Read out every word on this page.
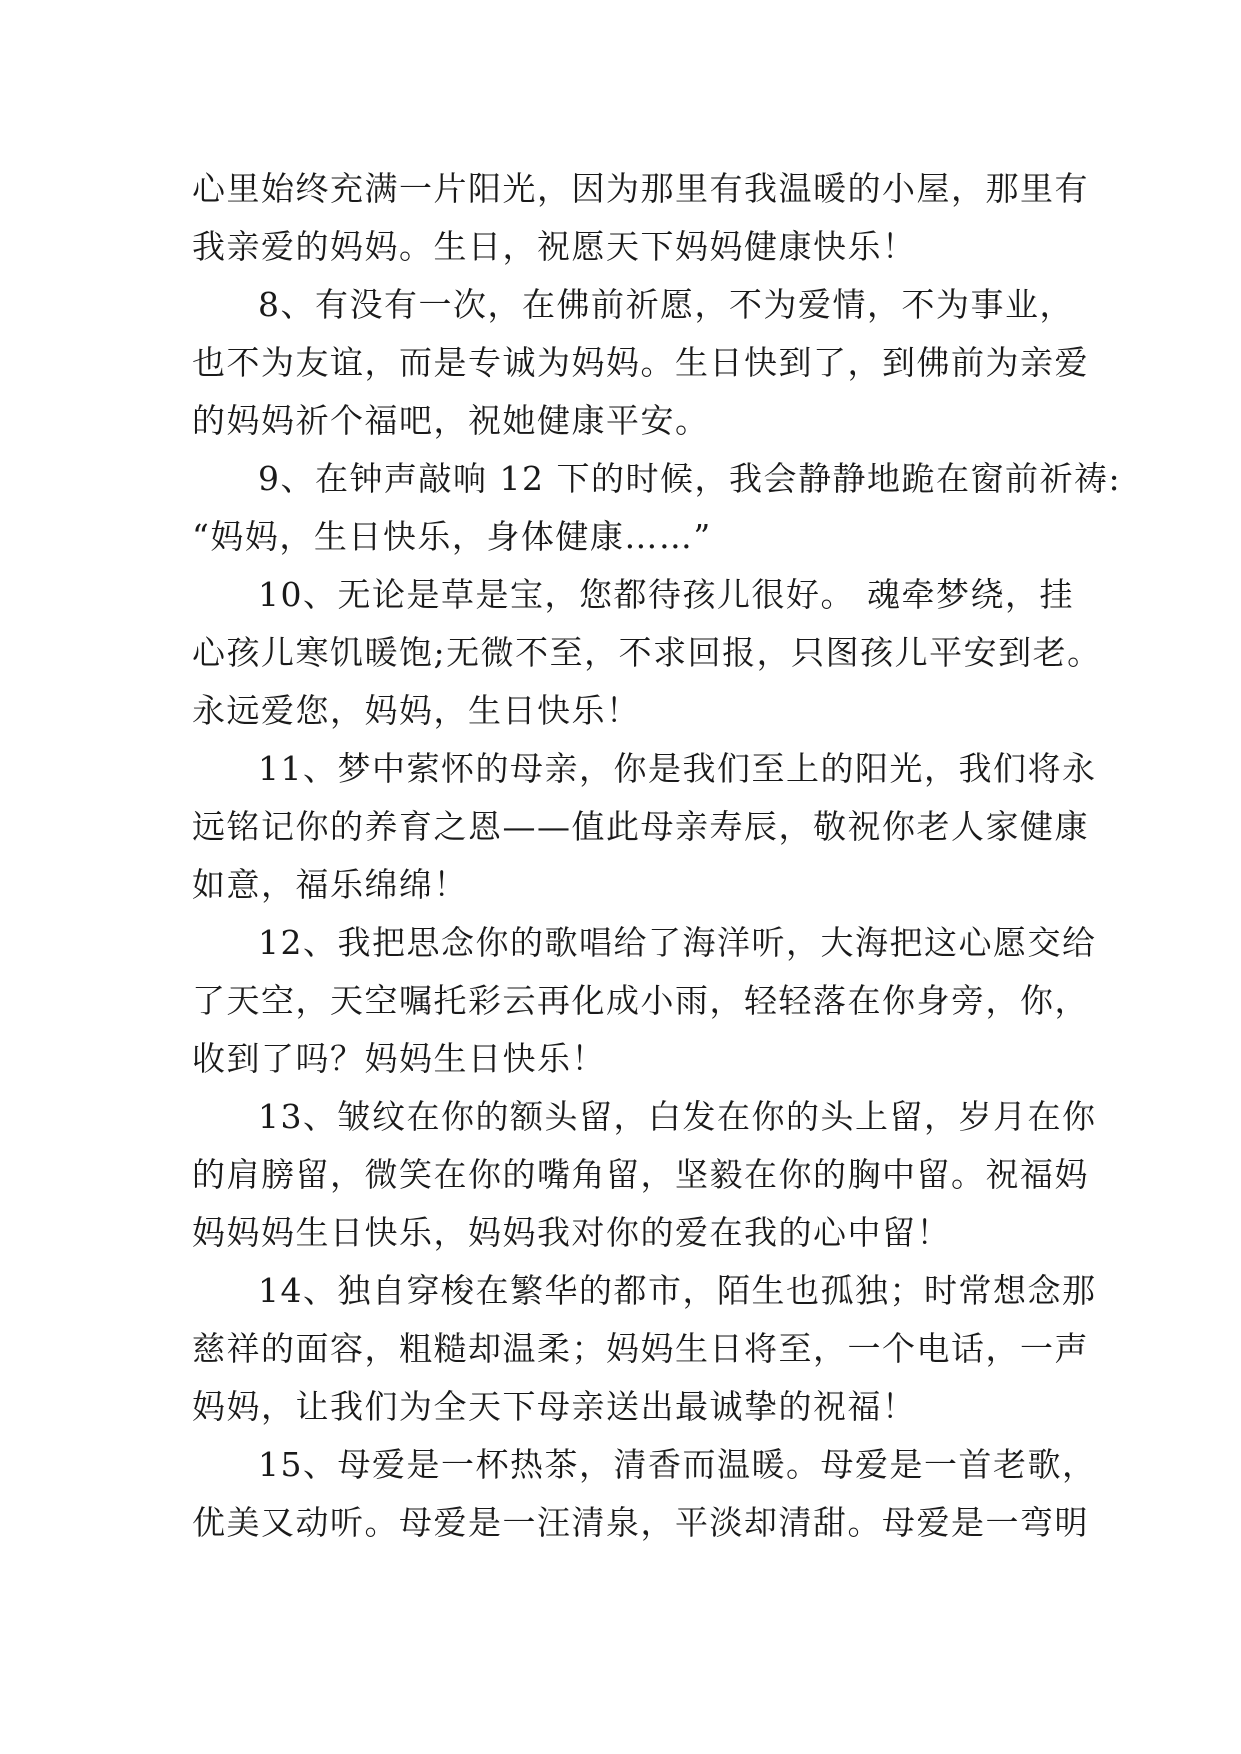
心里始终充满一片阳光，因为那里有我温暖的小屋，那里有
我亲爱的妈妈。生日，祝愿天下妈妈健康快乐！
8、有没有一次，在佛前祈愿，不为爱情，不为事业，
也不为友谊，而是专诚为妈妈。生日快到了，到佛前为亲爱
的妈妈祈个福吧，祝她健康平安。
9、在钟声敲响 12 下的时候，我会静静地跪在窗前祈祷:
“妈妈，生日快乐，身体健康……”
10、无论是草是宝，您都待孩儿很好。 魂牵梦绕，挂
心孩儿寒饥暖饱;无微不至，不求回报，只图孩儿平安到老。
永远爱您，妈妈，生日快乐！
11、梦中萦怀的母亲，你是我们至上的阳光，我们将永
远铭记你的养育之恩——值此母亲寿辰，敬祝你老人家健康
如意，福乐绵绵！
12、我把思念你的歌唱给了海洋听，大海把这心愿交给
了天空，天空嘱托彩云再化成小雨，轻轻落在你身旁，你，
收到了吗？妈妈生日快乐！
13、皱纹在你的额头留，白发在你的头上留，岁月在你
的肩膀留，微笑在你的嘴角留，坚毅在你的胸中留。祝福妈
妈妈妈生日快乐，妈妈我对你的爱在我的心中留！
14、独自穿梭在繁华的都市，陌生也孤独；时常想念那
慈祥的面容，粗糙却温柔；妈妈生日将至，一个电话，一声
妈妈，让我们为全天下母亲送出最诚挚的祝福！
15、母爱是一杯热茶，清香而温暖。母爱是一首老歌，
优美又动听。母爱是一汪清泉，平淡却清甜。母爱是一弯明
